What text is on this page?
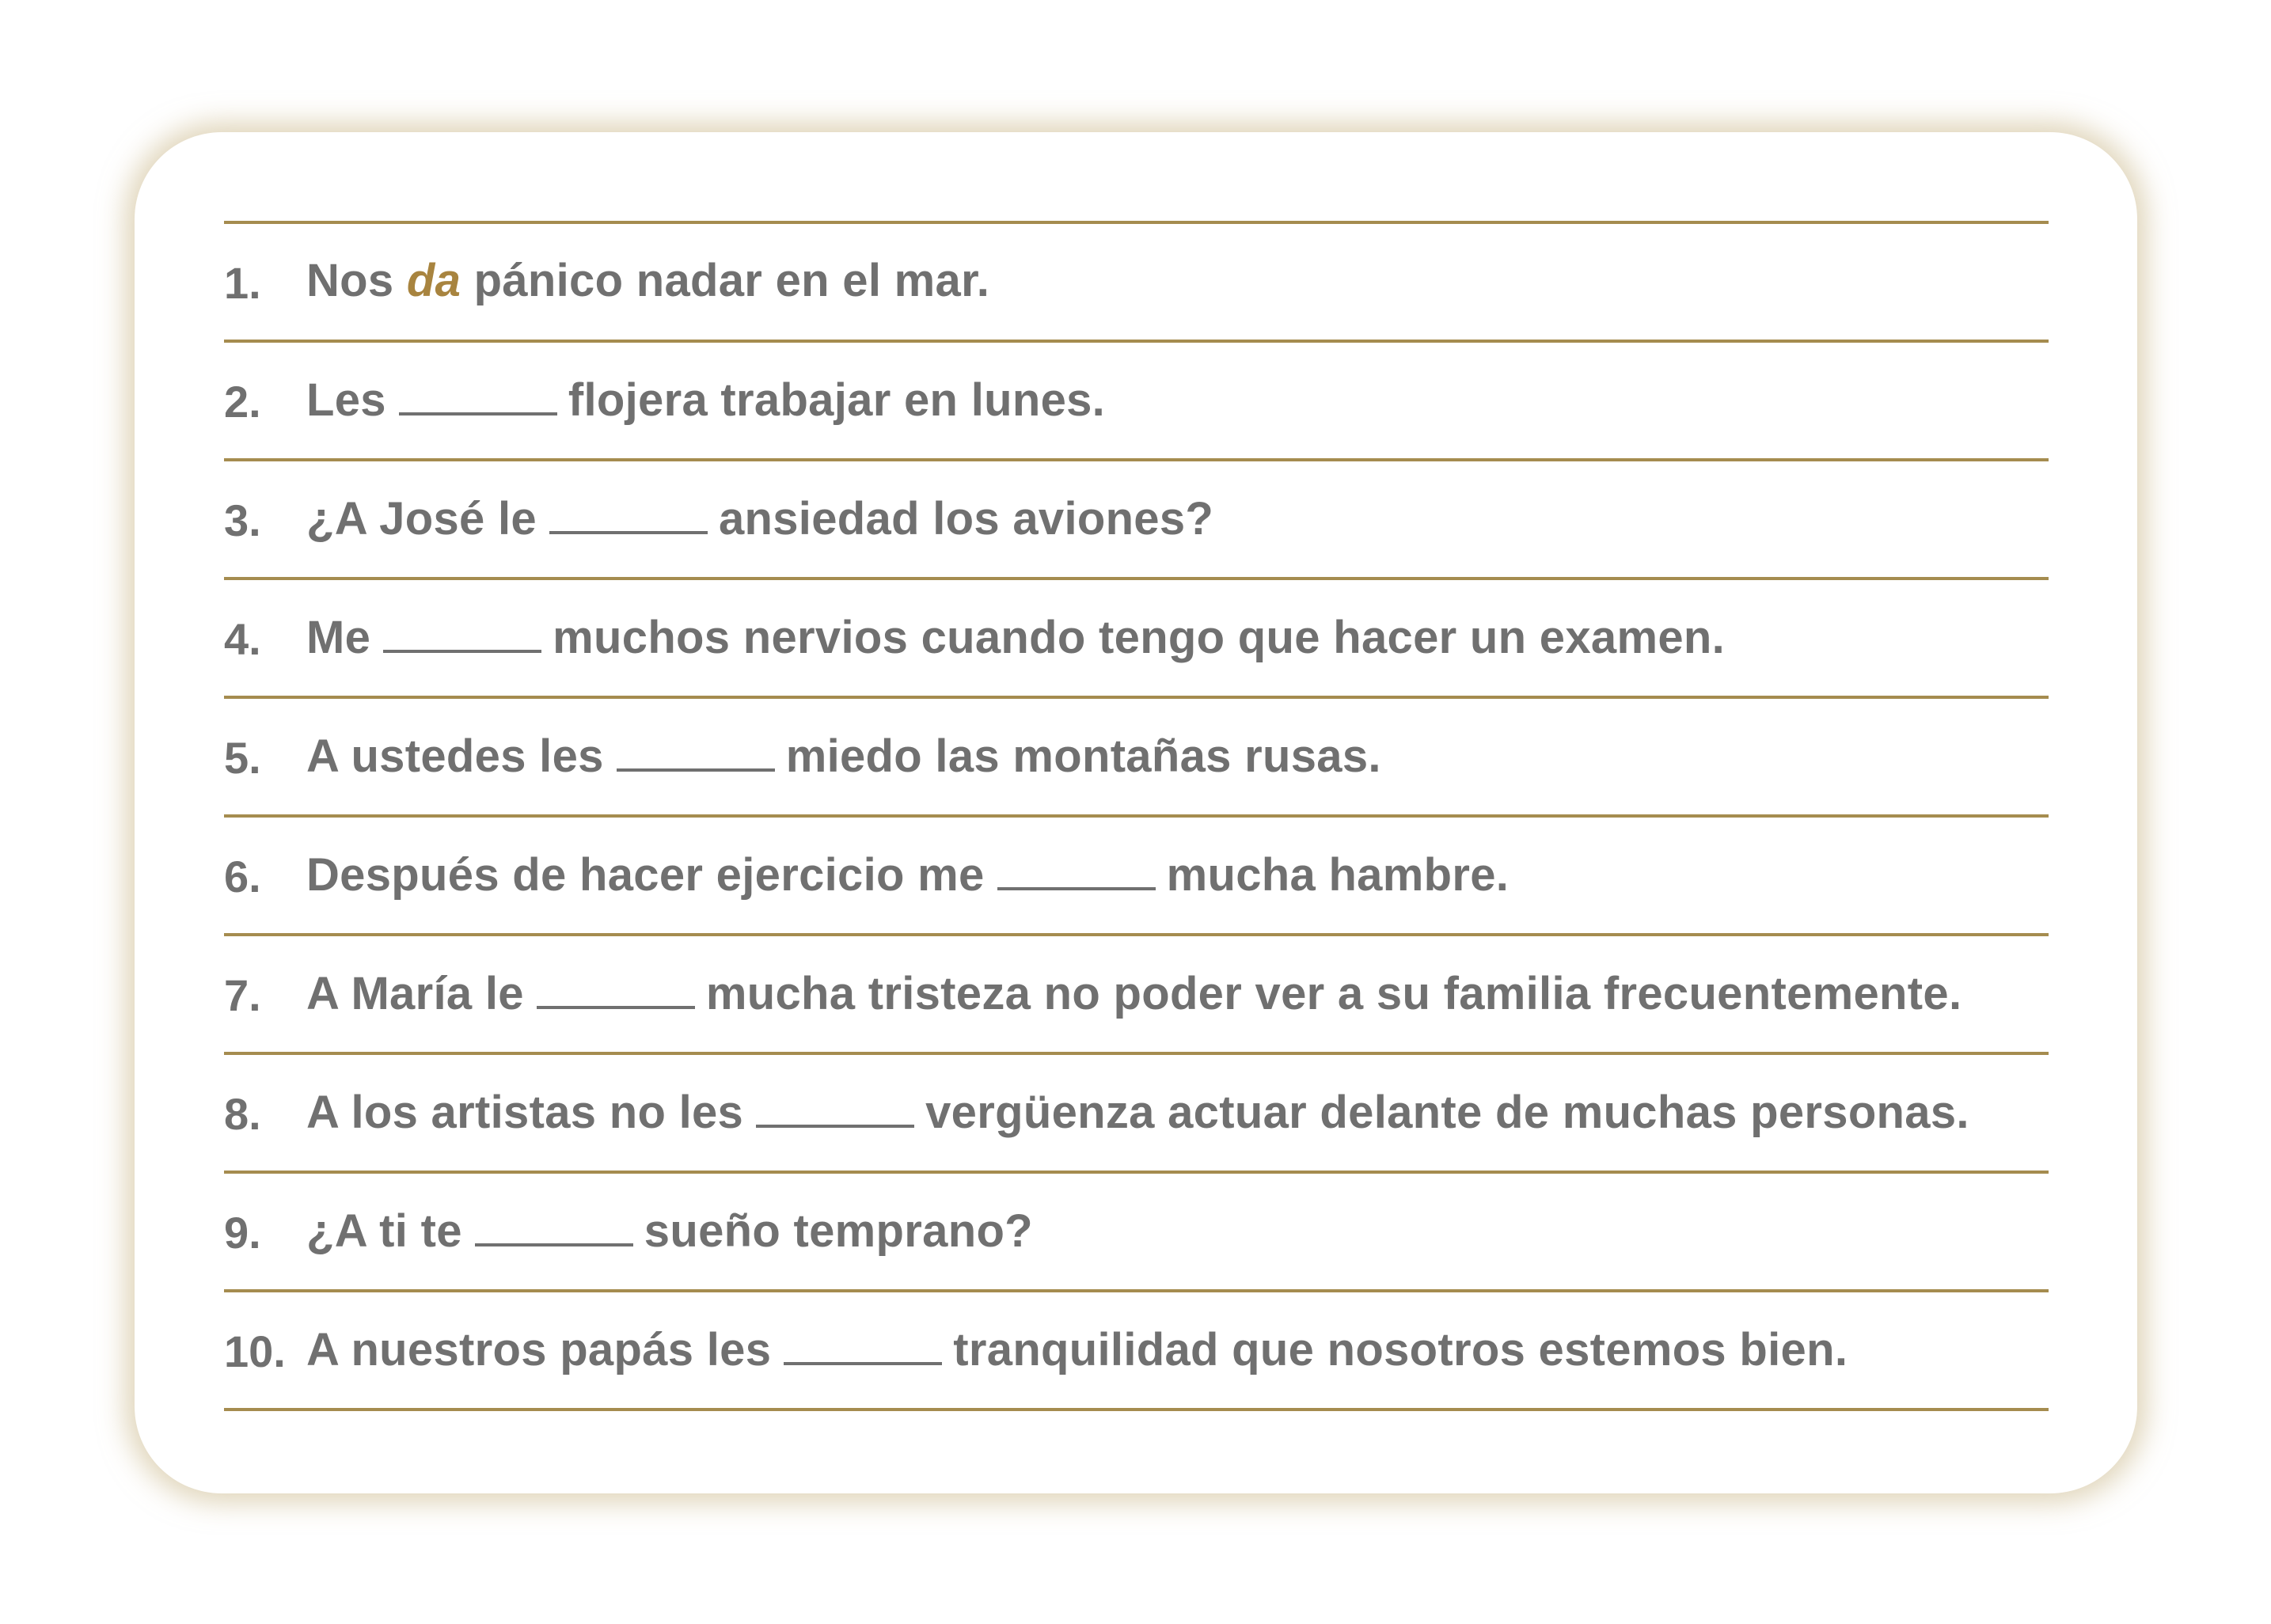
1. Nos da pánico nadar en el mar.
2. Les	flojera trabajar en lunes.
3. ¿A José le	ansiedad los aviones?
4. Me	muchos nervios cuando tengo que hacer un examen.
5. A ustedes les	miedo las montañas rusas.
6. Después de hacer ejercicio me	mucha hambre.
7. A María le	mucha tristeza no poder ver a su familia frecuentemente.
8. A los artistas no les	vergüenza actuar delante de muchas personas.
9. ¿A ti te	sueño temprano?
10. A nuestros papás les	tranquilidad que nosotros estemos bien.
